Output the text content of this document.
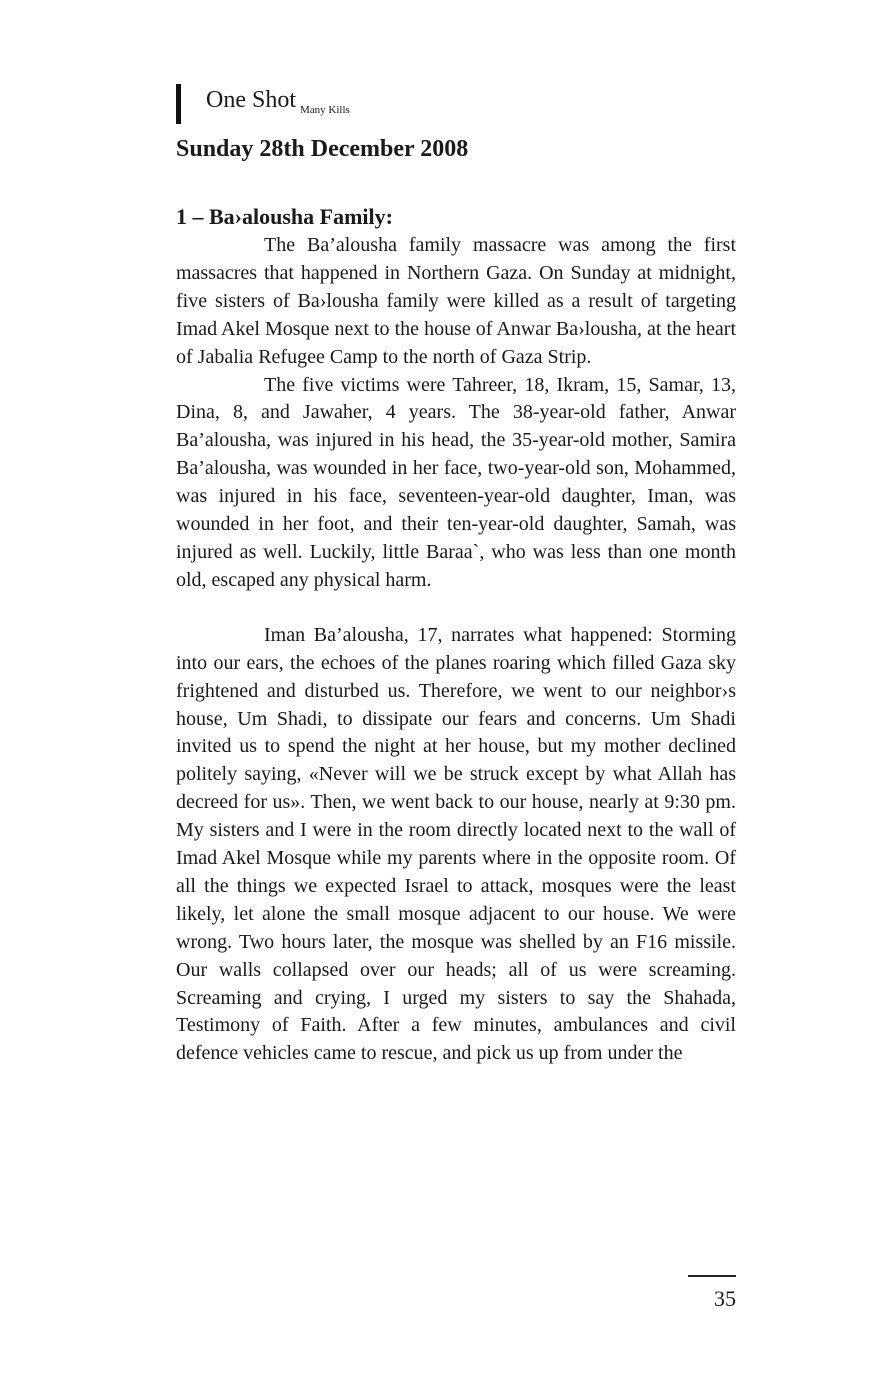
One Shot $_{Many Kills}$
Sunday 28th December 2008
1 – Ba›alousha Family:

The Ba’alousha family massacre was among the first massacres that happened in Northern Gaza. On Sunday at midnight, five sisters of Ba›lousha family were killed as a result of targeting Imad Akel Mosque next to the house of Anwar Ba›lousha, at the heart of Jabalia Refugee Camp to the north of Gaza Strip.

The five victims were Tahreer, 18, Ikram, 15, Samar, 13, Dina, 8, and Jawaher, 4 years. The 38-year-old father, Anwar Ba’alousha, was injured in his head, the 35-year-old mother, Samira Ba’alousha, was wounded in her face, two-year-old son, Mohammed, was injured in his face, seventeen-year-old daughter, Iman, was wounded in her foot, and their ten-year-old daughter, Samah, was injured as well. Luckily, little Baraa`, who was less than one month old, escaped any physical harm.

Iman Ba’alousha, 17, narrates what happened: Storming into our ears, the echoes of the planes roaring which filled Gaza sky frightened and disturbed us. Therefore, we went to our neighbor›s house, Um Shadi, to dissipate our fears and concerns. Um Shadi invited us to spend the night at her house, but my mother declined politely saying, «Never will we be struck except by what Allah has decreed for us». Then, we went back to our house, nearly at 9:30 pm. My sisters and I were in the room directly located next to the wall of Imad Akel Mosque while my parents where in the opposite room. Of all the things we expected Israel to attack, mosques were the least likely, let alone the small mosque adjacent to our house. We were wrong. Two hours later, the mosque was shelled by an F16 missile. Our walls collapsed over our heads; all of us were screaming. Screaming and crying, I urged my sisters to say the Shahada, Testimony of Faith. After a few minutes, ambulances and civil defence vehicles came to rescue, and pick us up from under the

35
